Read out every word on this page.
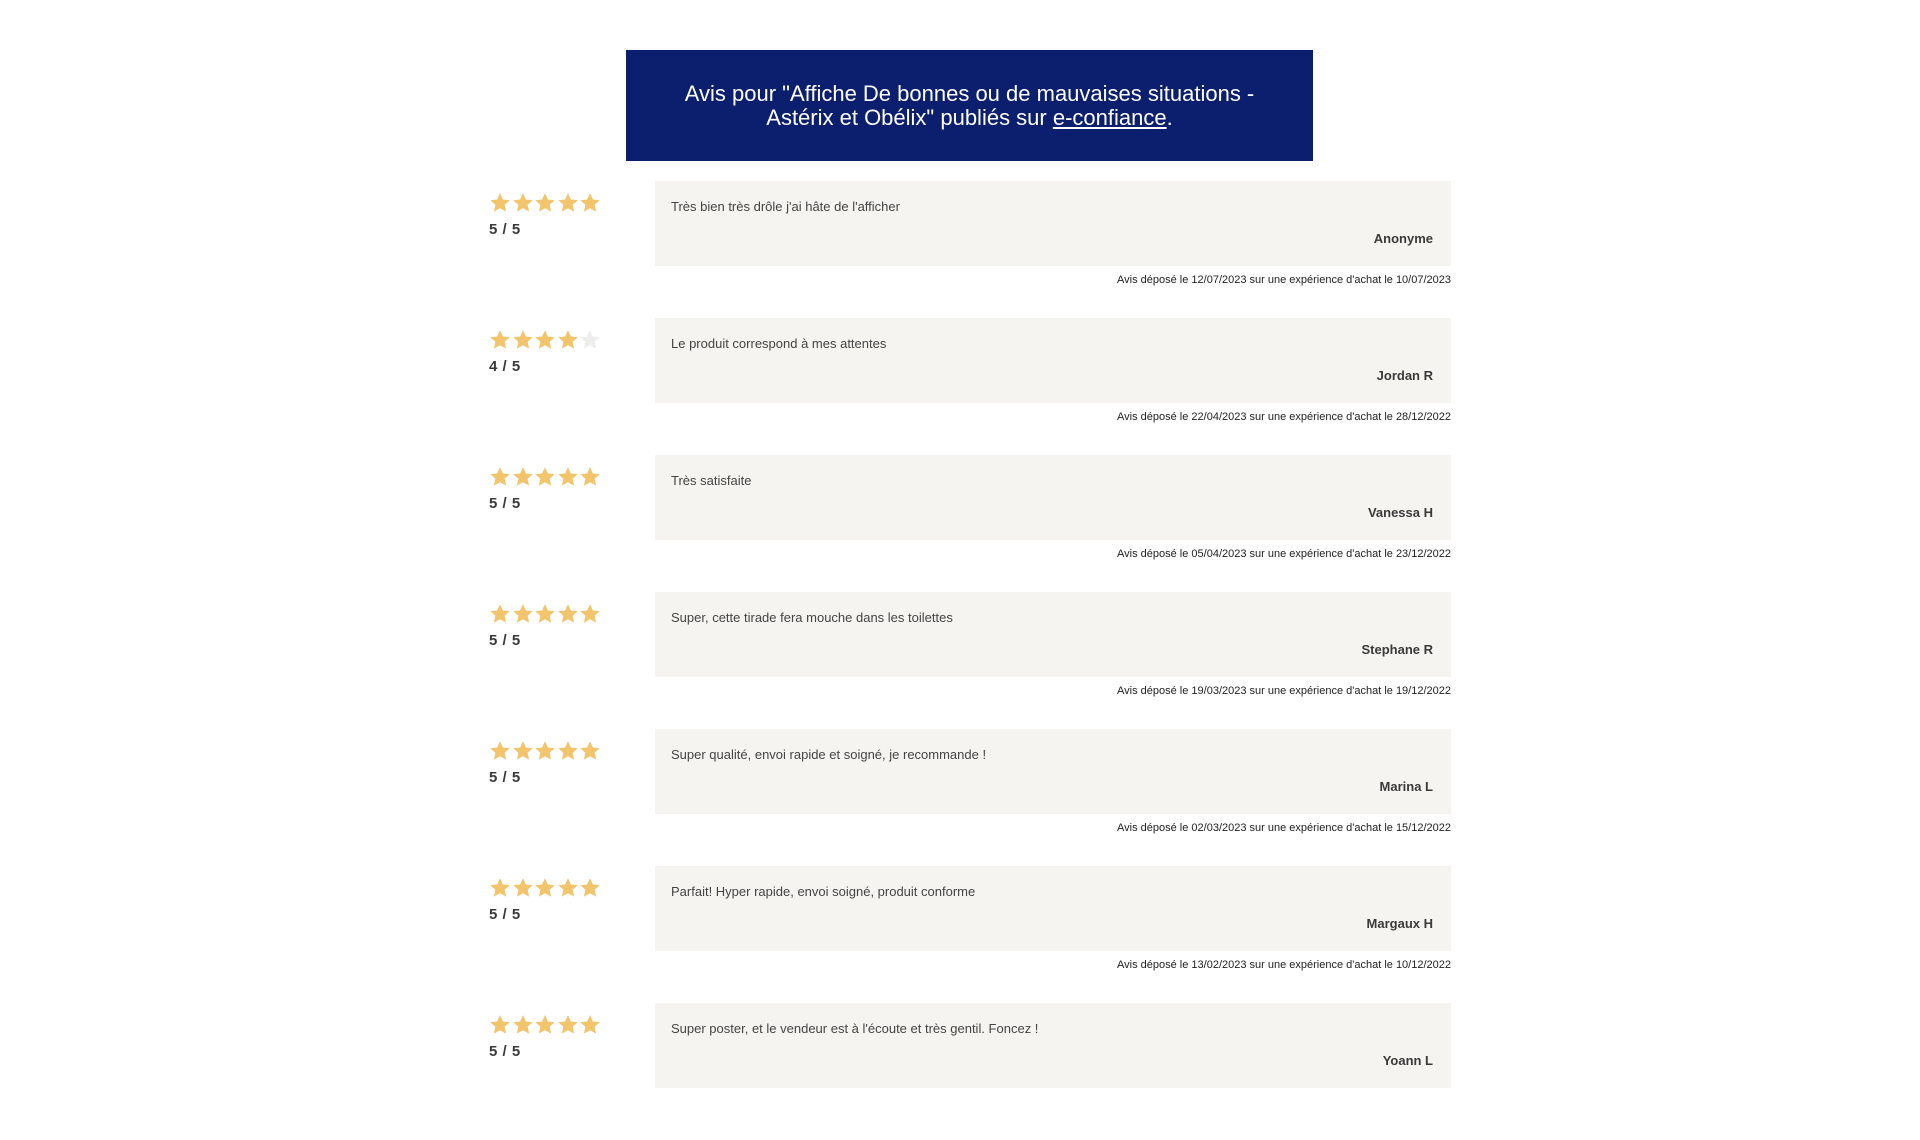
Avis pour "Affiche De bonnes ou de mauvaises situations - Astérix et Obélix" publiés sur e-confiance.
5 / 5
Très bien très drôle j'ai hâte de l'afficher
Anonyme
Avis déposé le 12/07/2023 sur une expérience d'achat le 10/07/2023
4 / 5
Le produit correspond à mes attentes
Jordan R
Avis déposé le 22/04/2023 sur une expérience d'achat le 28/12/2022
5 / 5
Très satisfaite
Vanessa H
Avis déposé le 05/04/2023 sur une expérience d'achat le 23/12/2022
5 / 5
Super, cette tirade fera mouche dans les toilettes
Stephane R
Avis déposé le 19/03/2023 sur une expérience d'achat le 19/12/2022
5 / 5
Super qualité, envoi rapide et soigné, je recommande !
Marina L
Avis déposé le 02/03/2023 sur une expérience d'achat le 15/12/2022
5 / 5
Parfait! Hyper rapide, envoi soigné, produit conforme
Margaux H
Avis déposé le 13/02/2023 sur une expérience d'achat le 10/12/2022
5 / 5
Super poster, et le vendeur est à l'écoute et très gentil. Foncez !
Yoann L
